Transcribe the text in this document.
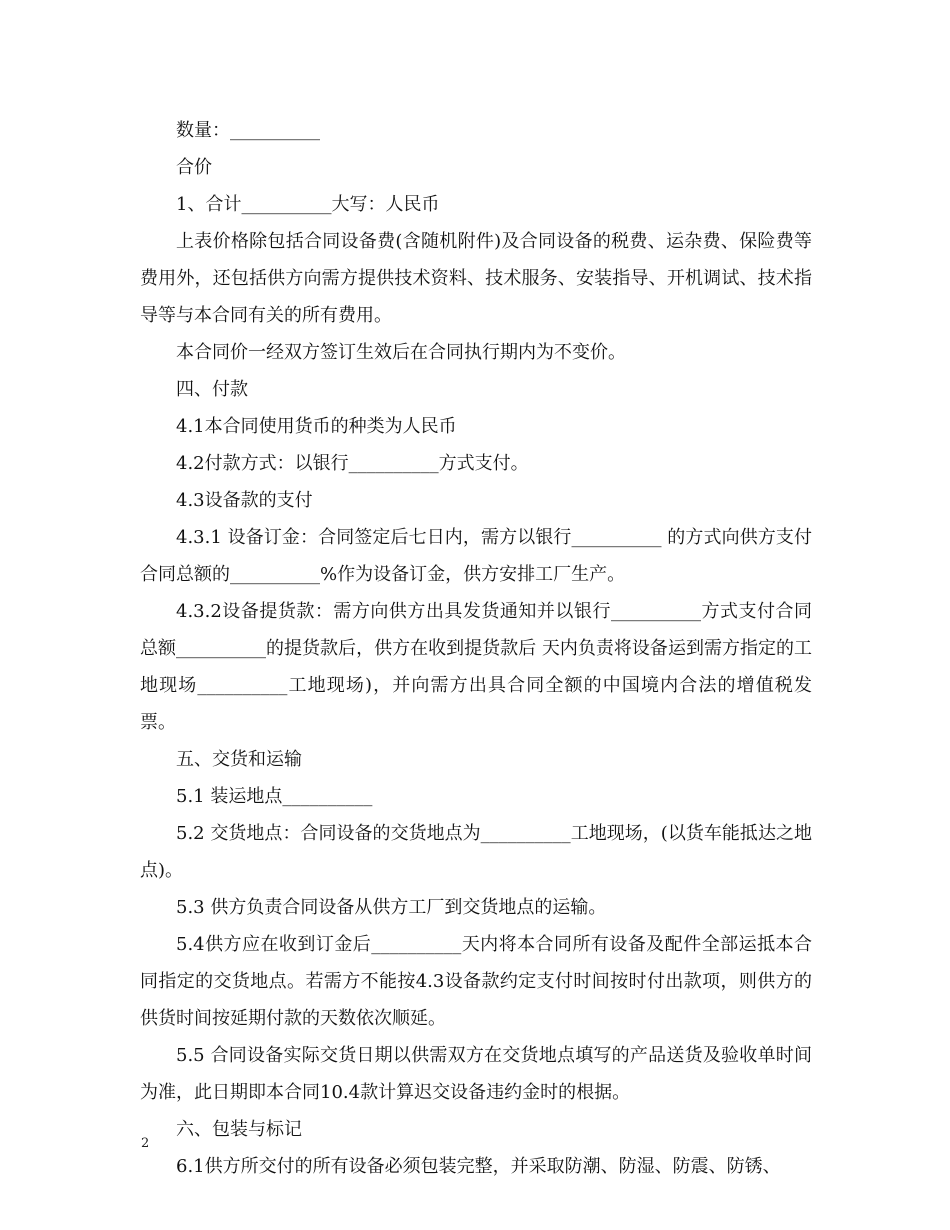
数量：__________

合价

1、合计__________大写：人民币

上表价格除包括合同设备费(含随机附件)及合同设备的税费、运杂费、保险费等费用外，还包括供方向需方提供技术资料、技术服务、安装指导、开机调试、技术指导等与本合同有关的所有费用。

本合同价一经双方签订生效后在合同执行期内为不变价。

四、付款

4.1本合同使用货币的种类为人民币

4.2付款方式：以银行__________方式支付。

4.3设备款的支付

4.3.1 设备订金：合同签定后七日内，需方以银行__________ 的方式向供方支付合同总额的__________%作为设备订金，供方安排工厂生产。

4.3.2设备提货款：需方向供方出具发货通知并以银行__________方式支付合同总额__________的提货款后，供方在收到提货款后 天内负责将设备运到需方指定的工地现场__________工地现场)，并向需方出具合同全额的中国境内合法的增值税发票。

五、交货和运输

5.1 装运地点__________

5.2 交货地点：合同设备的交货地点为__________工地现场，(以货车能抵达之地点)。

5.3 供方负责合同设备从供方工厂到交货地点的运输。

5.4供方应在收到订金后__________天内将本合同所有设备及配件全部运抵本合同指定的交货地点。若需方不能按4.3设备款约定支付时间按时付出款项，则供方的供货时间按延期付款的天数依次顺延。

5.5 合同设备实际交货日期以供需双方在交货地点填写的产品送货及验收单时间为准，此日期即本合同10.4款计算迟交设备违约金时的根据。

六、包装与标记

6.1供方所交付的所有设备必须包装完整，并采取防潮、防湿、防震、防锈、

2
